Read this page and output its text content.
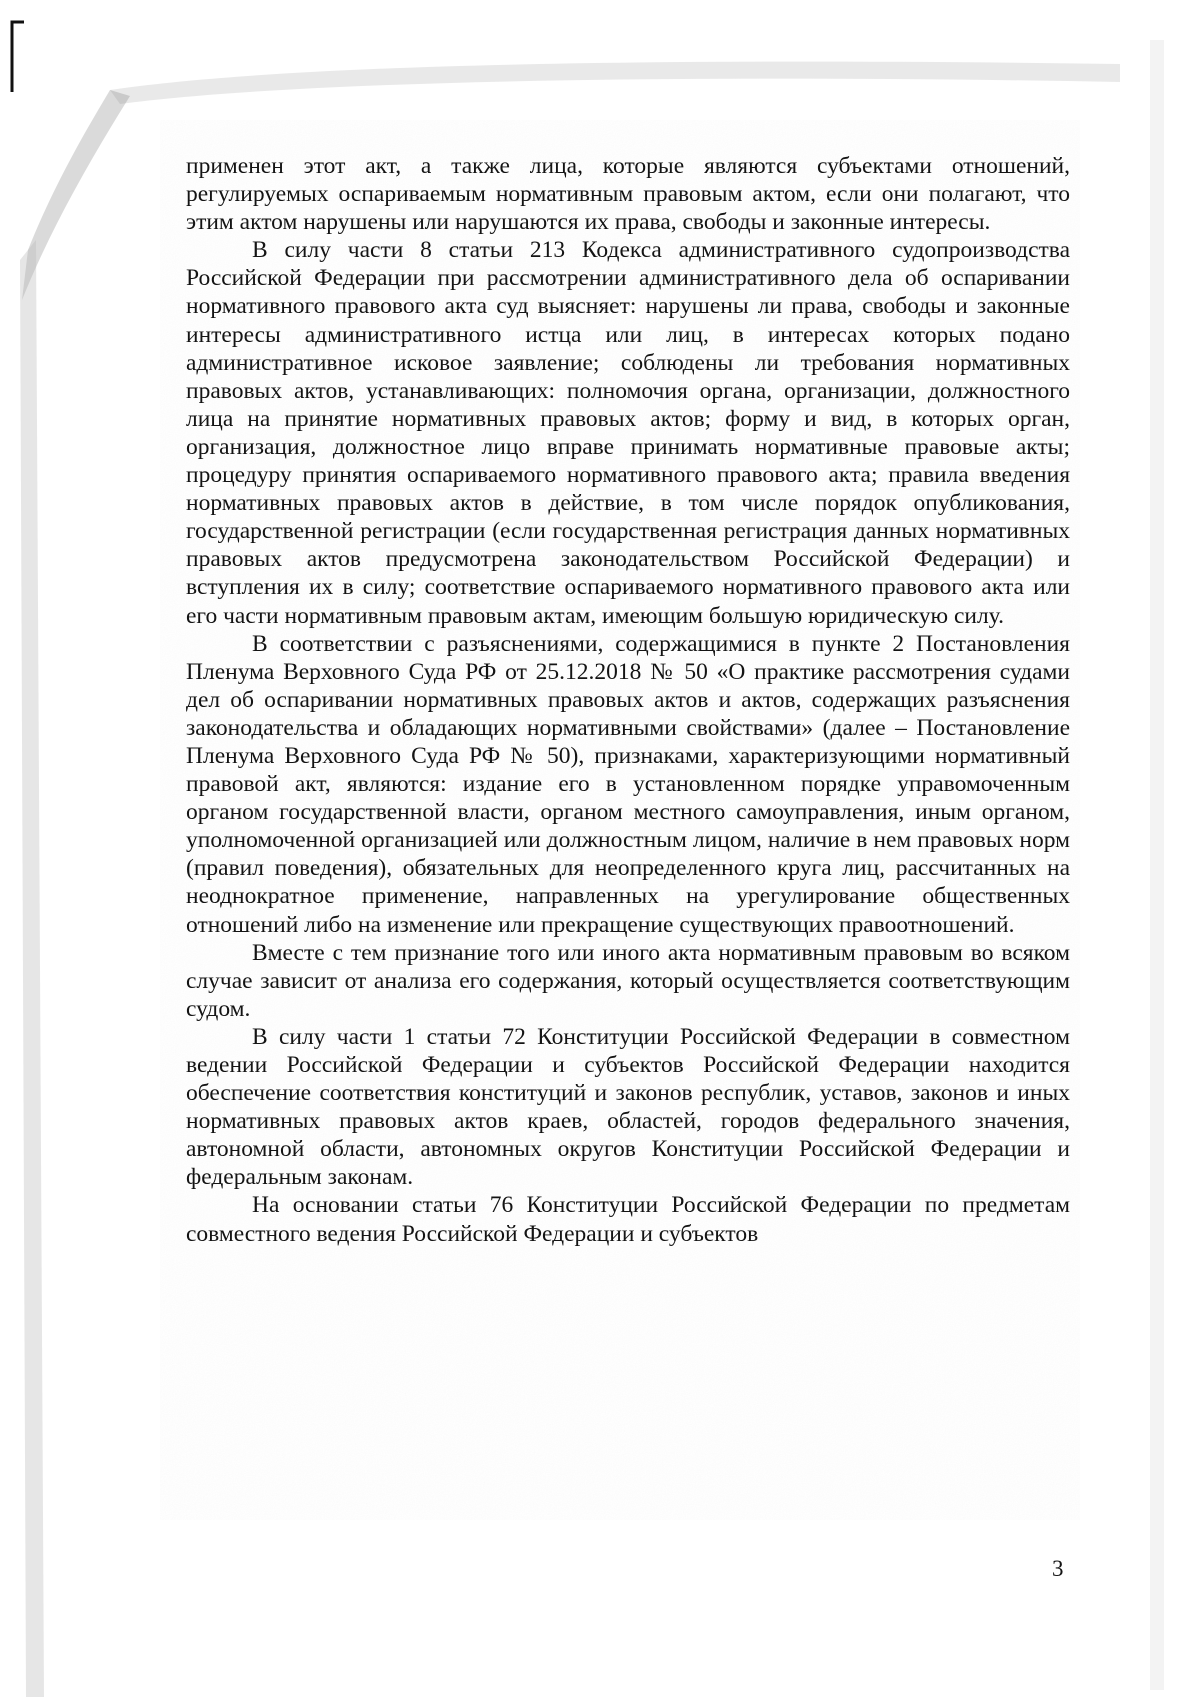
применен этот акт, а также лица, которые являются субъектами отношений, регулируемых оспариваемым нормативным правовым актом, если они полагают, что этим актом нарушены или нарушаются их права, свободы и законные интересы.

В силу части 8 статьи 213 Кодекса административного судопроизводства Российской Федерации при рассмотрении административного дела об оспаривании нормативного правового акта суд выясняет: нарушены ли права, свободы и законные интересы административного истца или лиц, в интересах которых подано административное исковое заявление; соблюдены ли требования нормативных правовых актов, устанавливающих: полномочия органа, организации, должностного лица на принятие нормативных правовых актов; форму и вид, в которых орган, организация, должностное лицо вправе принимать нормативные правовые акты; процедуру принятия оспариваемого нормативного правового акта; правила введения нормативных правовых актов в действие, в том числе порядок опубликования, государственной регистрации (если государственная регистрация данных нормативных правовых актов предусмотрена законодательством Российской Федерации) и вступления их в силу; соответствие оспариваемого нормативного правового акта или его части нормативным правовым актам, имеющим большую юридическую силу.

В соответствии с разъяснениями, содержащимися в пункте 2 Постановления Пленума Верховного Суда РФ от 25.12.2018 № 50 «О практике рассмотрения судами дел об оспаривании нормативных правовых актов и актов, содержащих разъяснения законодательства и обладающих нормативными свойствами» (далее – Постановление Пленума Верховного Суда РФ № 50), признаками, характеризующими нормативный правовой акт, являются: издание его в установленном порядке управомоченным органом государственной власти, органом местного самоуправления, иным органом, уполномоченной организацией или должностным лицом, наличие в нем правовых норм (правил поведения), обязательных для неопределенного круга лиц, рассчитанных на неоднократное применение, направленных на урегулирование общественных отношений либо на изменение или прекращение существующих правоотношений.

Вместе с тем признание того или иного акта нормативным правовым во всяком случае зависит от анализа его содержания, который осуществляется соответствующим судом.

В силу части 1 статьи 72 Конституции Российской Федерации в совместном ведении Российской Федерации и субъектов Российской Федерации находится обеспечение соответствия конституций и законов республик, уставов, законов и иных нормативных правовых актов краев, областей, городов федерального значения, автономной области, автономных округов Конституции Российской Федерации и федеральным законам.

На основании статьи 76 Конституции Российской Федерации по предметам совместного ведения Российской Федерации и субъектов

3
